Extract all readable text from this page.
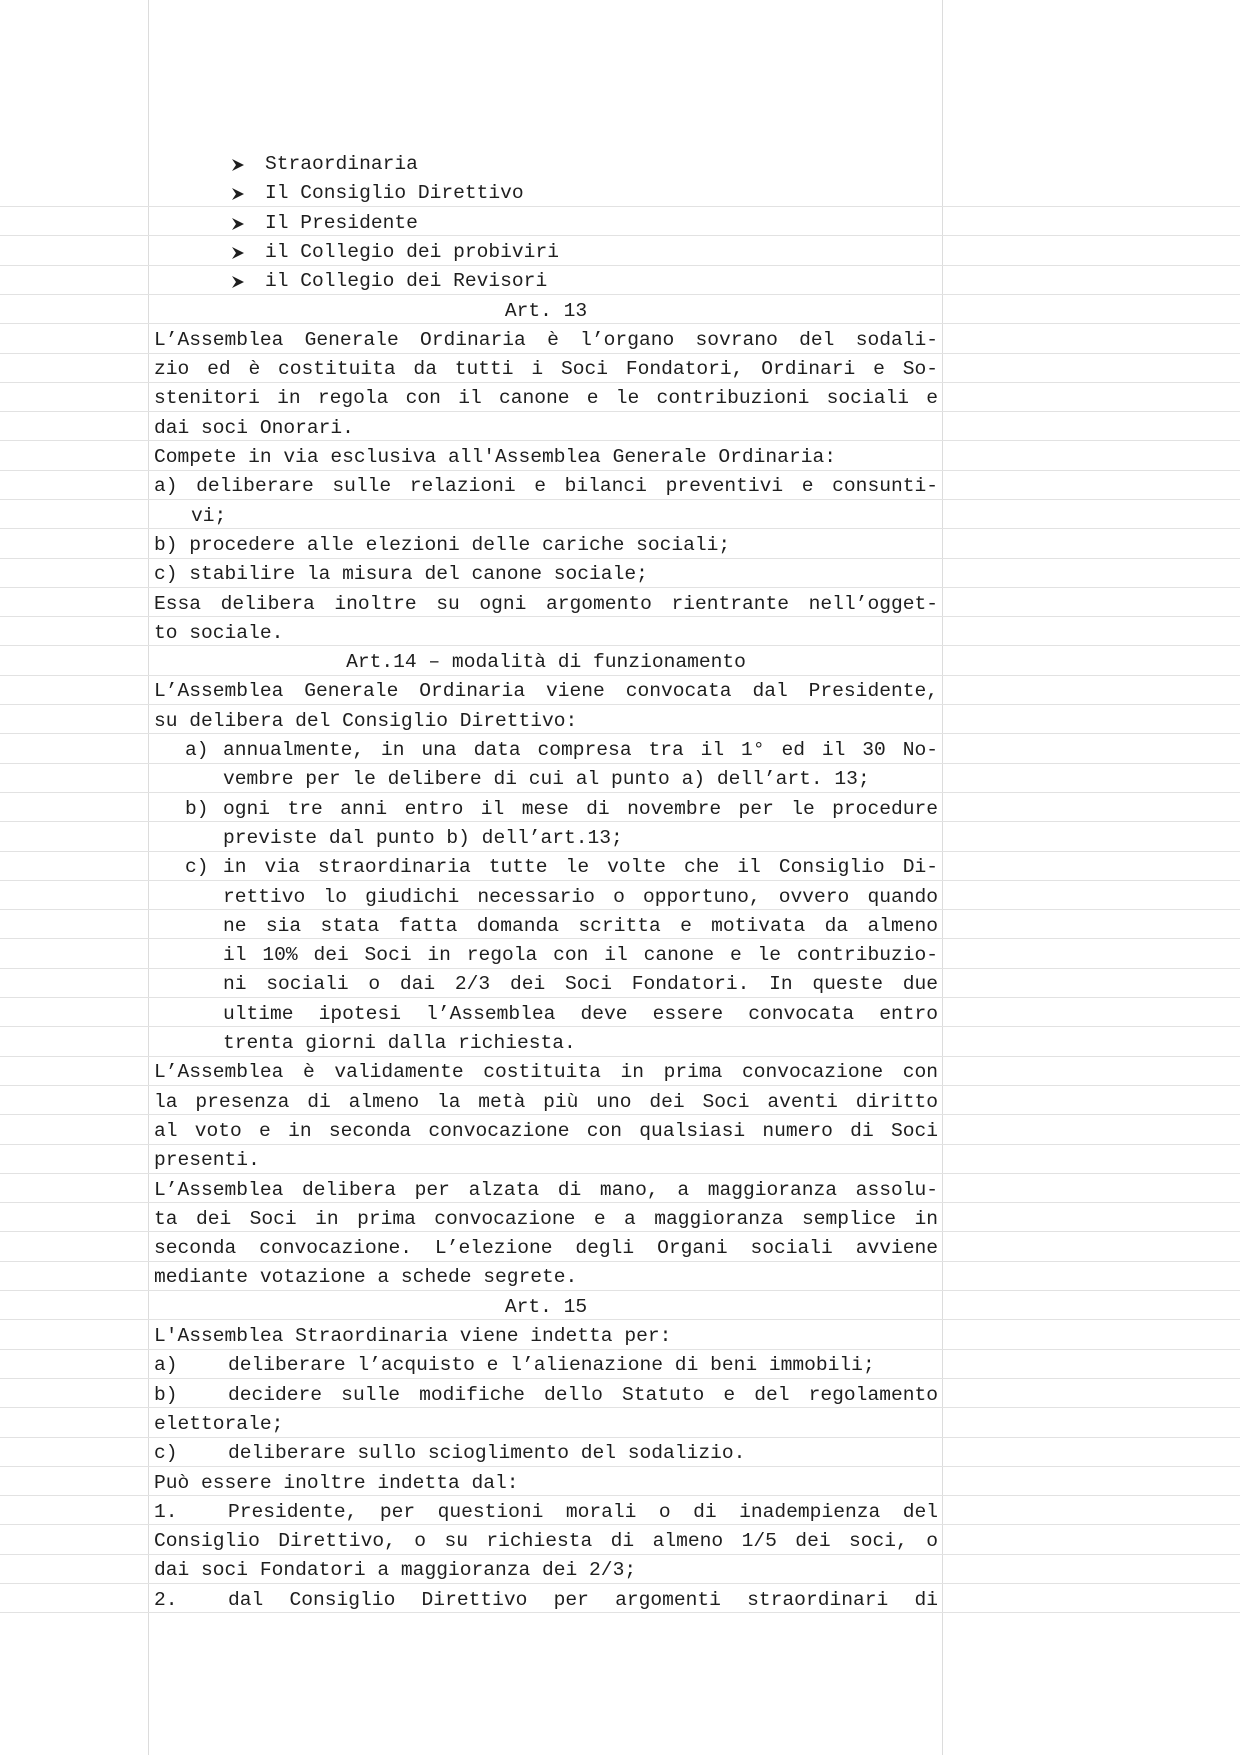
Straordinaria
Il Consiglio Direttivo
Il Presidente
il Collegio dei probiviri
il Collegio dei Revisori
Art. 13
L’Assemblea Generale Ordinaria è l’organo sovrano del sodali-
zio ed è costituita da tutti i Soci Fondatori, Ordinari e So-
stenitori in regola con il canone e le contribuzioni sociali e
dai soci Onorari.
Compete in via esclusiva all'Assemblea Generale Ordinaria:
a) deliberare sulle relazioni e bilanci preventivi e consunti-
vi;
b) procedere alle elezioni delle cariche sociali;
c) stabilire la misura del canone sociale;
Essa delibera inoltre su ogni argomento rientrante nell’ogget-
to sociale.
Art.14 – modalità di funzionamento
L’Assemblea Generale Ordinaria viene convocata dal Presidente,
su delibera del Consiglio Direttivo:
a) annualmente, in una data compresa tra il 1° ed il 30 No-
vembre per le delibere di cui al punto a) dell’art. 13;
b) ogni tre anni entro il mese di novembre per le procedure
previste dal punto b) dell’art.13;
c) in via straordinaria tutte le volte che il Consiglio Di-
rettivo lo giudichi necessario o opportuno, ovvero quando
ne sia stata fatta domanda scritta e motivata da almeno
il 10% dei Soci in regola con il canone e le contribuzio-
ni sociali o dai 2/3 dei Soci Fondatori. In queste due
ultime ipotesi l’Assemblea deve essere convocata entro
trenta giorni dalla richiesta.
L’Assemblea è validamente costituita in prima convocazione con
la presenza di almeno la metà più uno dei Soci aventi diritto
al voto e in seconda convocazione con qualsiasi numero di Soci
presenti.
L’Assemblea delibera per alzata di mano, a maggioranza assolu-
ta dei Soci in prima convocazione e a maggioranza semplice in
seconda convocazione. L’elezione degli Organi sociali avviene
mediante votazione a schede segrete.
Art. 15
L'Assemblea Straordinaria viene indetta per:
a)	deliberare l’acquisto e l’alienazione di beni immobili;
b)	decidere sulle modifiche dello Statuto e del regolamento
elettorale;
c)	deliberare sullo scioglimento del sodalizio.
Può essere inoltre indetta dal:
1.	Presidente, per questioni morali o di inadempienza del
Consiglio Direttivo, o su richiesta di almeno 1/5 dei soci, o
dai soci Fondatori a maggioranza dei 2/3;
2.	dal Consiglio Direttivo per argomenti straordinari di
